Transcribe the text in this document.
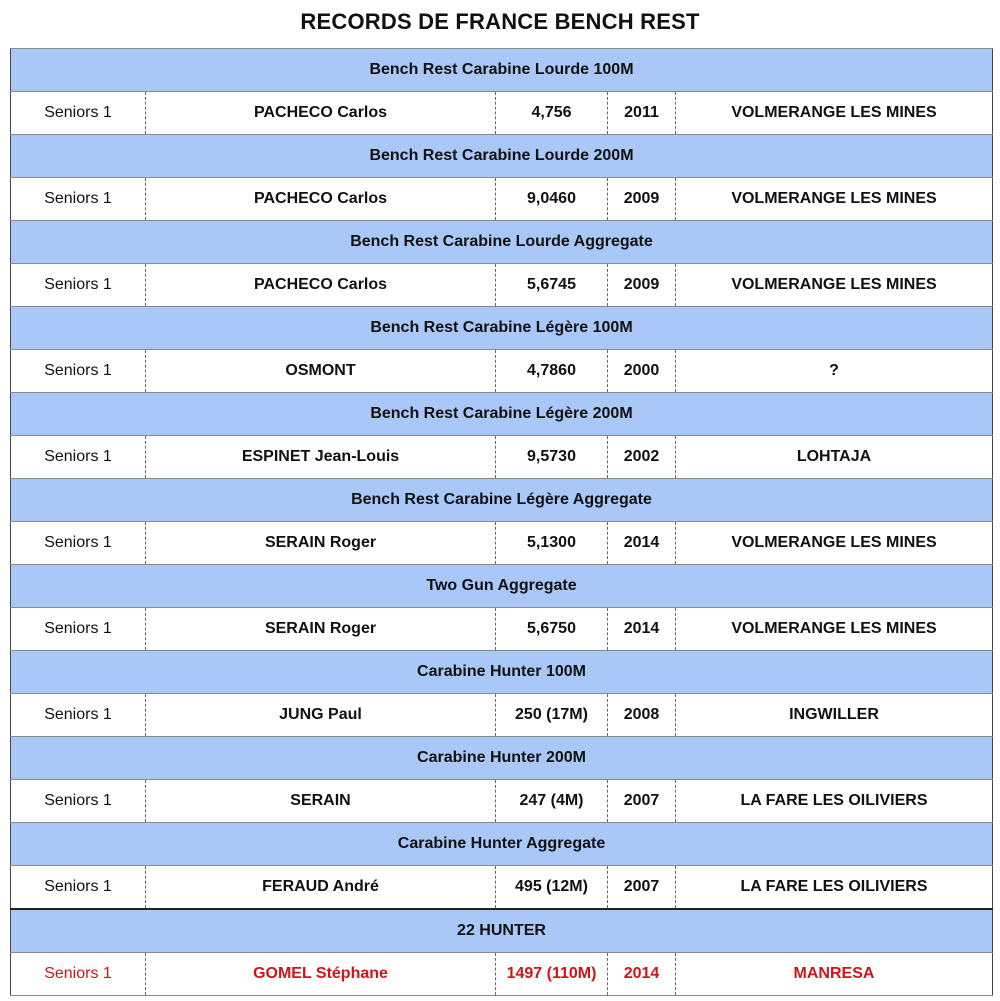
RECORDS DE FRANCE BENCH REST
Bench Rest Carabine Lourde 100M				
Seniors 1	PACHECO Carlos	4,756	2011	VOLMERANGE LES MINES
Bench Rest Carabine Lourde 200M				
Seniors 1	PACHECO Carlos	9,0460	2009	VOLMERANGE LES MINES
Bench Rest Carabine Lourde Aggregate				
Seniors 1	PACHECO Carlos	5,6745	2009	VOLMERANGE LES MINES
Bench Rest Carabine Légère 100M				
Seniors 1	OSMONT	4,7860	2000	?
Bench Rest Carabine Légère 200M				
Seniors 1	ESPINET Jean-Louis	9,5730	2002	LOHTAJA
Bench Rest Carabine Légère Aggregate				
Seniors 1	SERAIN Roger	5,1300	2014	VOLMERANGE LES MINES
Two Gun Aggregate				
Seniors 1	SERAIN Roger	5,6750	2014	VOLMERANGE LES MINES
Carabine Hunter 100M				
Seniors 1	JUNG Paul	250 (17M)	2008	INGWILLER
Carabine Hunter 200M				
Seniors 1	SERAIN	247 (4M)	2007	LA FARE LES OILIVIERS
Carabine Hunter Aggregate				
Seniors 1	FERAUD André	495 (12M)	2007	LA FARE LES OILIVIERS
22 HUNTER				
Seniors 1	GOMEL Stéphane	1497 (110M)	2014	MANRESA
